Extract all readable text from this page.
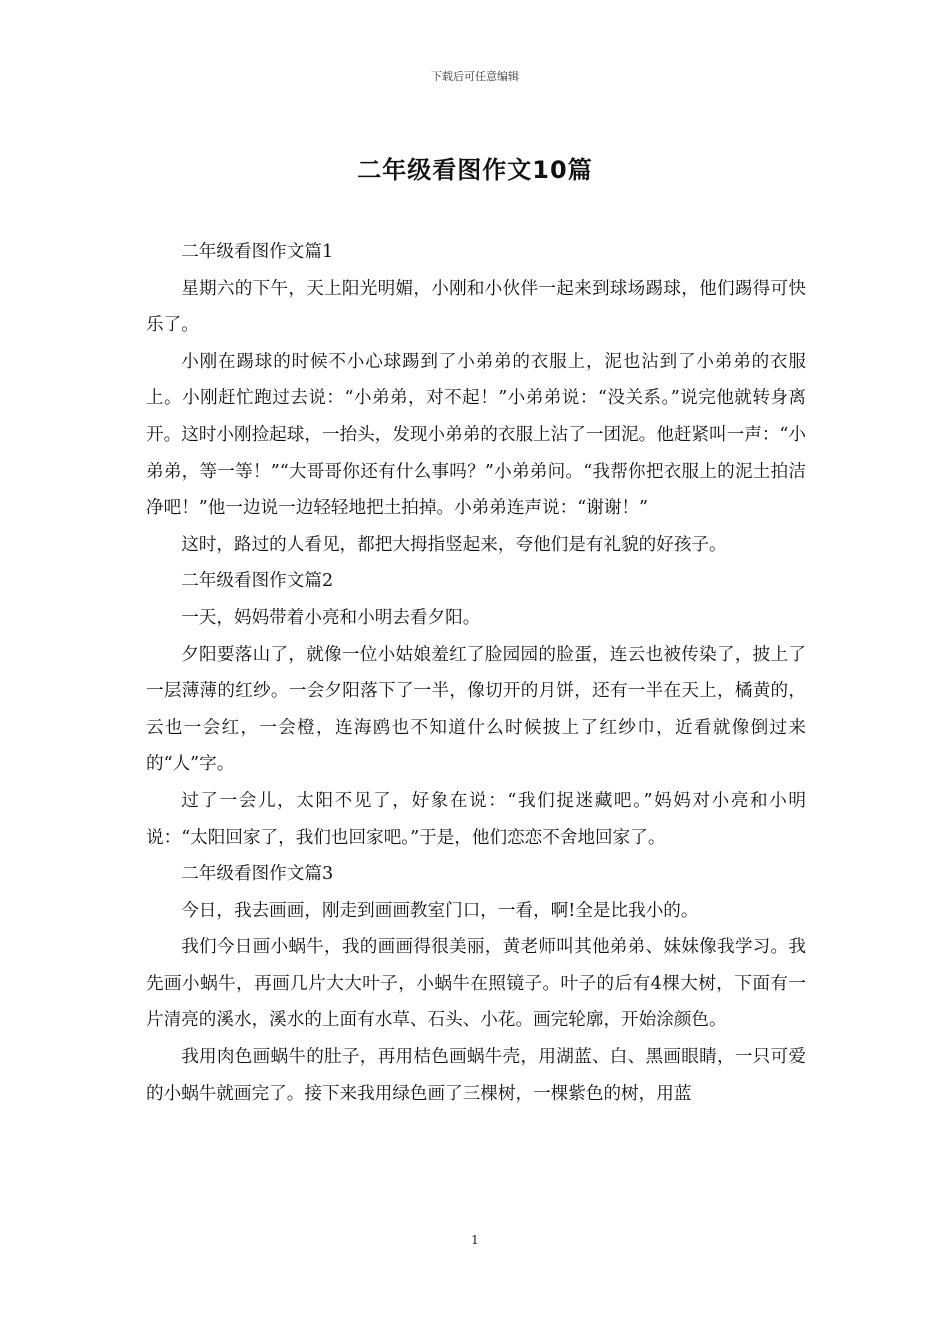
下载后可任意编辑
二年级看图作文10篇

二年级看图作文篇1

星期六的下午，天上阳光明媚，小刚和小伙伴一起来到球场踢球，他们踢得可快乐了。

小刚在踢球的时候不小心球踢到了小弟弟的衣服上，泥也沾到了小弟弟的衣服上。小刚赶忙跑过去说：“小弟弟，对不起！”小弟弟说：“没关系。”说完他就转身离开。这时小刚捡起球，一抬头，发现小弟弟的衣服上沾了一团泥。他赶紧叫一声：“小弟弟，等一等！”“大哥哥你还有什么事吗？”小弟弟问。“我帮你把衣服上的泥土拍洁净吧！”他一边说一边轻轻地把土拍掉。小弟弟连声说：“谢谢！”

这时，路过的人看见，都把大拇指竖起来，夸他们是有礼貌的好孩子。

二年级看图作文篇2

一天，妈妈带着小亮和小明去看夕阳。

夕阳要落山了，就像一位小姑娘羞红了脸园园的脸蛋，连云也被传染了，披上了一层薄薄的红纱。一会夕阳落下了一半，像切开的月饼，还有一半在天上，橘黄的，云也一会红，一会橙，连海鸥也不知道什么时候披上了红纱巾，近看就像倒过来的“人”字。

过了一会儿，太阳不见了，好象在说：“我们捉迷藏吧。”妈妈对小亮和小明说：“太阳回家了，我们也回家吧。”于是，他们恋恋不舍地回家了。

二年级看图作文篇3

今日，我去画画，刚走到画画教室门口，一看，啊!全是比我小的。

我们今日画小蜗牛，我的画画得很美丽，黄老师叫其他弟弟、妹妹像我学习。我先画小蜗牛，再画几片大大叶子，小蜗牛在照镜子。叶子的后有4棵大树，下面有一片清亮的溪水，溪水的上面有水草、石头、小花。画完轮廓，开始涂颜色。

我用肉色画蜗牛的肚子，再用桔色画蜗牛壳，用湖蓝、白、黑画眼睛，一只可爱的小蜗牛就画完了。接下来我用绿色画了三棵树，一棵紫色的树，用蓝

1
